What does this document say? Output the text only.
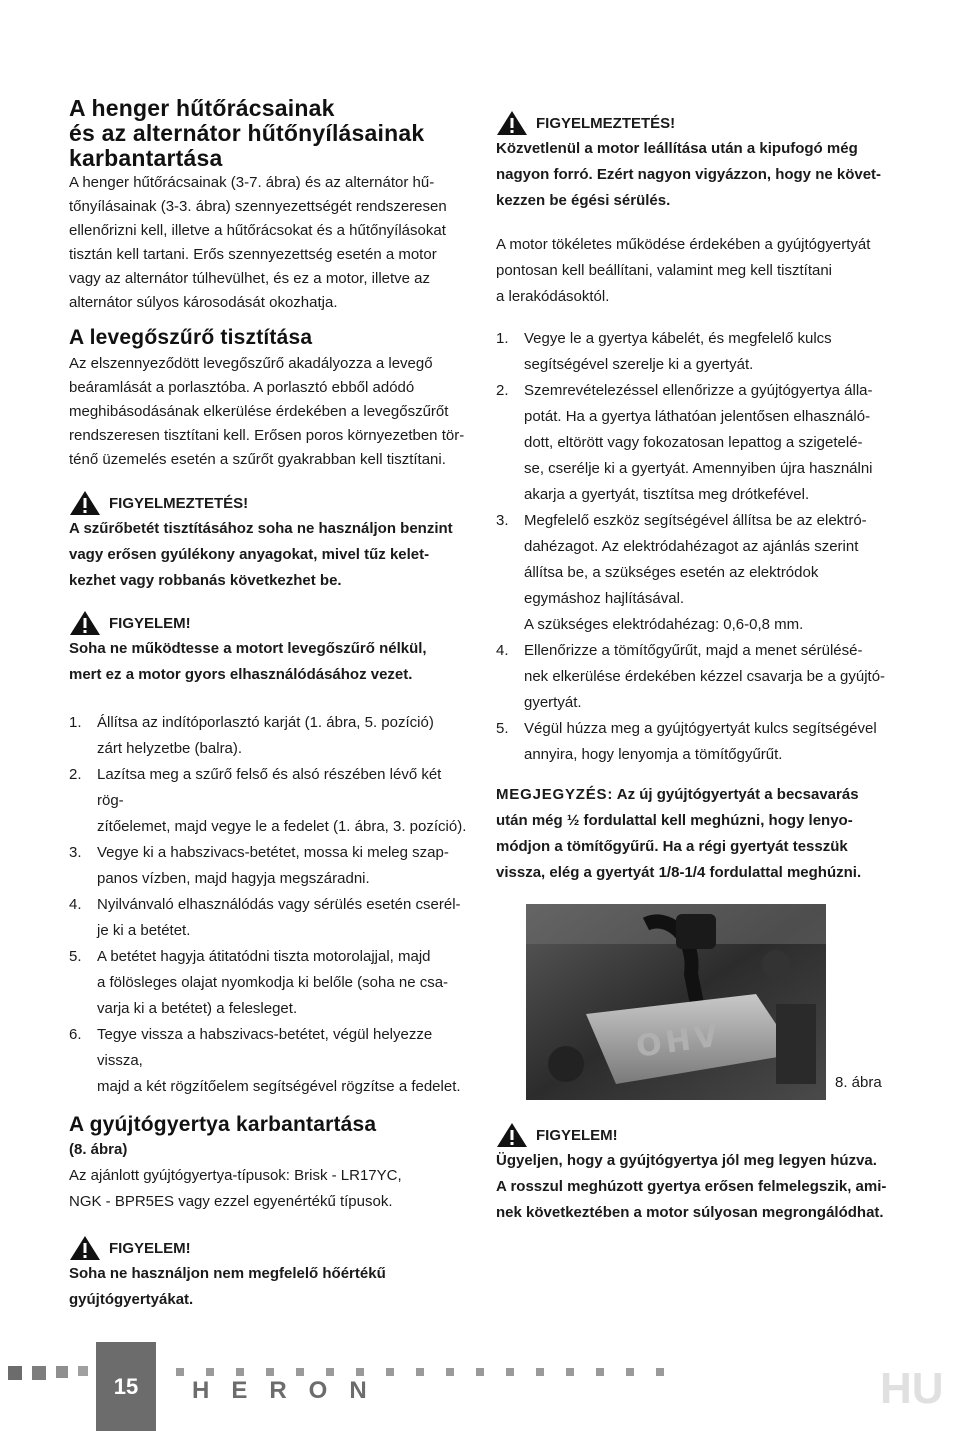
A henger hűtőrácsainak
és az alternátor hűtőnyílásainak
karbantartása

A henger hűtőrácsainak (3-7. ábra) és az alternátor hű-

tőnyílásainak (3-3. ábra) szennyezettségét rendszeresen

ellenőrizni kell, illetve a hűtőrácsokat és a hűtőnyílásokat

tisztán kell tartani. Erős szennyezettség esetén a motor

vagy az alternátor túlhevülhet, és ez a motor, illetve az

alternátor súlyos károsodását okozhatja.

A levegőszűrő tisztítása

Az elszennyeződött levegőszűrő akadályozza a levegő

beáramlását a porlasztóba. A porlasztó ebből adódó

meghibásodásának elkerülése érdekében a levegőszűrőt

rendszeresen tisztítani kell. Erősen poros környezetben tör-

ténő üzemelés esetén a szűrőt gyakrabban kell tisztítani.

FIGYELMEZTETÉS!

A szűrőbetét tisztításához soha ne használjon benzint

vagy erősen gyúlékony anyagokat, mivel tűz kelet-

kezhet vagy robbanás következhet be.

FIGYELEM!

Soha ne működtesse a motort levegőszűrő nélkül,

mert ez a motor gyors elhasználódásához vezet.

1. Állítsa az indítóporlasztó karját (1. ábra, 5. pozíció)
zárt helyzetbe (balra).
2. Lazítsa meg a szűrő felső és alsó részében lévő két rög-
zítőelemet, majd vegye le a fedelet (1. ábra, 3. pozíció).
3. Vegye ki a habszivacs-betétet, mossa ki meleg szap-
panos vízben, majd hagyja megszáradni.
4. Nyilvánvaló elhasználódás vagy sérülés esetén cserél-
je ki a betétet.
5. A betétet hagyja átitatódni tiszta motorolajjal, majd
a fölösleges olajat nyomkodja ki belőle (soha ne csa-
varja ki a betétet) a felesleget.
6. Tegye vissza a habszivacs-betétet, végül helyezze vissza,
majd a két rögzítőelem segítségével rögzítse a fedelet.
A gyújtógyertya karbantartása

(8. ábra)

Az ajánlott gyújtógyertya-típusok: Brisk - LR17YC,

NGK - BPR5ES vagy ezzel egyenértékű típusok.

FIGYELEM!

Soha ne használjon nem megfelelő hőértékű

gyújtógyertyákat.

FIGYELMEZTETÉS!

Közvetlenül a motor leállítása után a kipufogó még

nagyon forró. Ezért nagyon vigyázzon, hogy ne követ-

kezzen be égési sérülés.

A motor tökéletes működése érdekében a gyújtógyertyát

pontosan kell beállítani, valamint meg kell tisztítani

a lerakódásoktól.

1. Vegye le a gyertya kábelét, és megfelelő kulcs
segítségével szerelje ki a gyertyát.
2. Szemrevételezéssel ellenőrizze a gyújtógyertya álla-
potát. Ha a gyertya láthatóan jelentősen elhasználó-
dott, eltörött vagy fokozatosan lepattog a szigetelé-
se, cserélje ki a gyertyát. Amennyiben újra használni
akarja a gyertyát, tisztítsa meg drótkefével.
3. Megfelelő eszköz segítségével állítsa be az elektró-
dahézagot. Az elektródahézagot az ajánlás szerint
állítsa be, a szükséges esetén az elektródok egymáshoz hajlításával.
A szükséges elektródahézag: 0,6-0,8 mm.
4. Ellenőrizze a tömítőgyűrűt, majd a menet sérülésé-
nek elkerülése érdekében kézzel csavarja be a gyújtó-
gyertyát.
5. Végül húzza meg a gyújtógyertyát kulcs segítségével
annyira, hogy lenyomja a tömítőgyűrűt.

MEGJEGYZÉS: Az új gyújtógyertyát a becsavarás

után még ½ fordulattal kell meghúzni, hogy lenyo-

módjon a tömítőgyűrű. Ha a régi gyertyát tesszük

vissza, elég a gyertyát 1/8-1/4 fordulattal meghúzni.

OHV
8. ábra
FIGYELEM!

Ügyeljen, hogy a gyújtógyertya jól meg legyen húzva.

A rosszul meghúzott gyertya erősen felmelegszik, ami-

nek következtében a motor súlyosan megrongálódhat.

15 HERON	HU
